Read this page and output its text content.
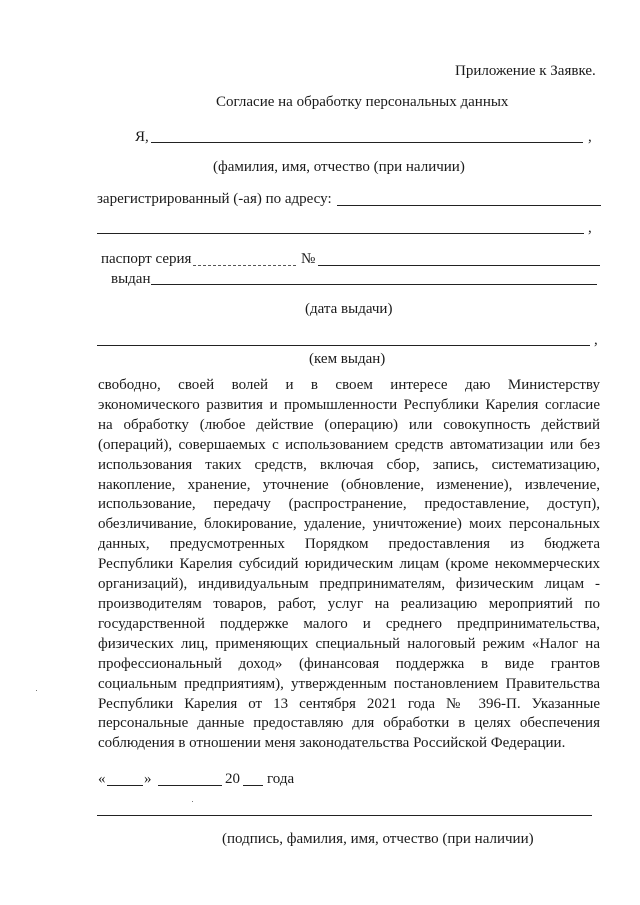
Приложение к Заявке.
Согласие на обработку персональных данных
Я,	,
(фамилия, имя, отчество (при наличии)
зарегистрированный (-ая) по адресу:
,
паспорт серия	№
выдан
(дата выдачи)
,
(кем выдан)
свободно, своей волей и в своем интересе даю Министерству
экономического развития и промышленности Республики Карелия согласие
на обработку (любое действие (операцию) или совокупность действий
(операций), совершаемых с использованием средств автоматизации или без
использования таких средств, включая сбор, запись, систематизацию,
накопление, хранение, уточнение (обновление, изменение), извлечение,
использование, передачу (распространение, предоставление, доступ),
обезличивание, блокирование, удаление, уничтожение) моих персональных
данных, предусмотренных Порядком предоставления из бюджета
Республики Карелия субсидий юридическим лицам (кроме некоммерческих
организаций), индивидуальным предпринимателям, физическим лицам -
производителям товаров, работ, услуг на реализацию мероприятий по
государственной поддержке малого и среднего предпринимательства,
физических лиц, применяющих специальный налоговый режим «Налог на
профессиональный доход» (финансовая поддержка в виде грантов
социальным предприятиям), утвержденным постановлением Правительства
Республики Карелия от 13 сентября 2021 года № 396-П. Указанные
персональные данные предоставляю для обработки в целях обеспечения
соблюдения в отношении меня законодательства Российской Федерации.
«	»	20 года
(подпись, фамилия, имя, отчество (при наличии)
